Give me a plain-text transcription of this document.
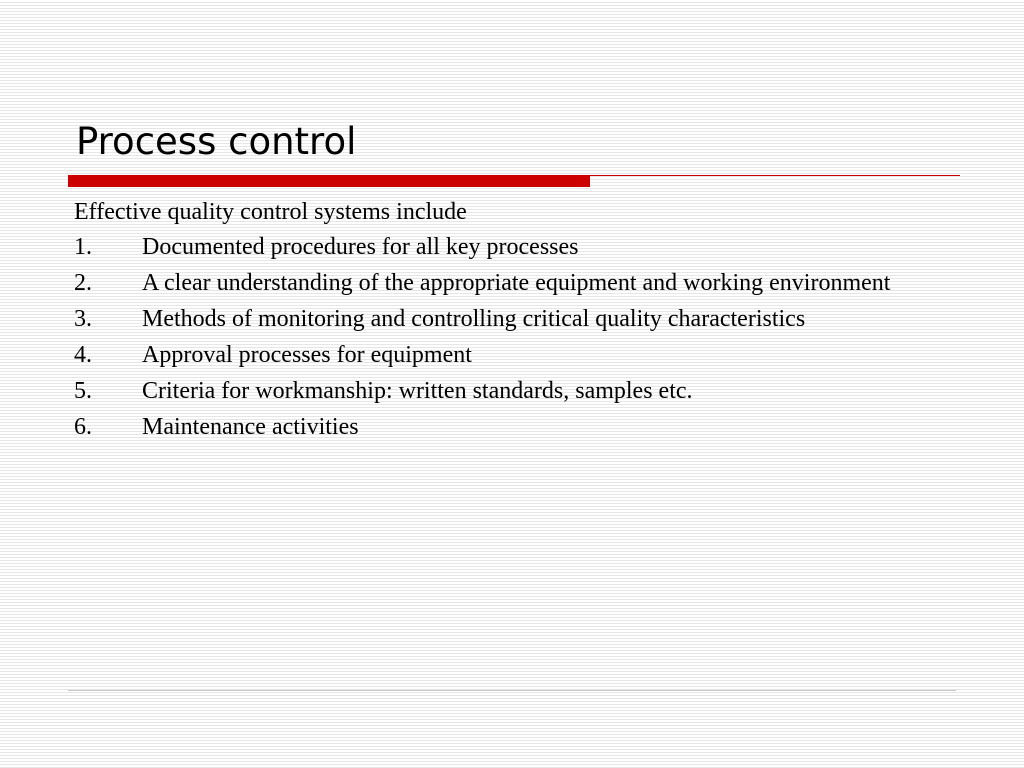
Process control

Effective quality control systems include

1.	Documented procedures for all key processes
2.	A clear understanding of the appropriate equipment and working environment
3.	Methods of monitoring and controlling critical quality characteristics
4.	Approval processes for equipment
5.	Criteria for workmanship: written standards, samples etc.
6.	Maintenance activities
